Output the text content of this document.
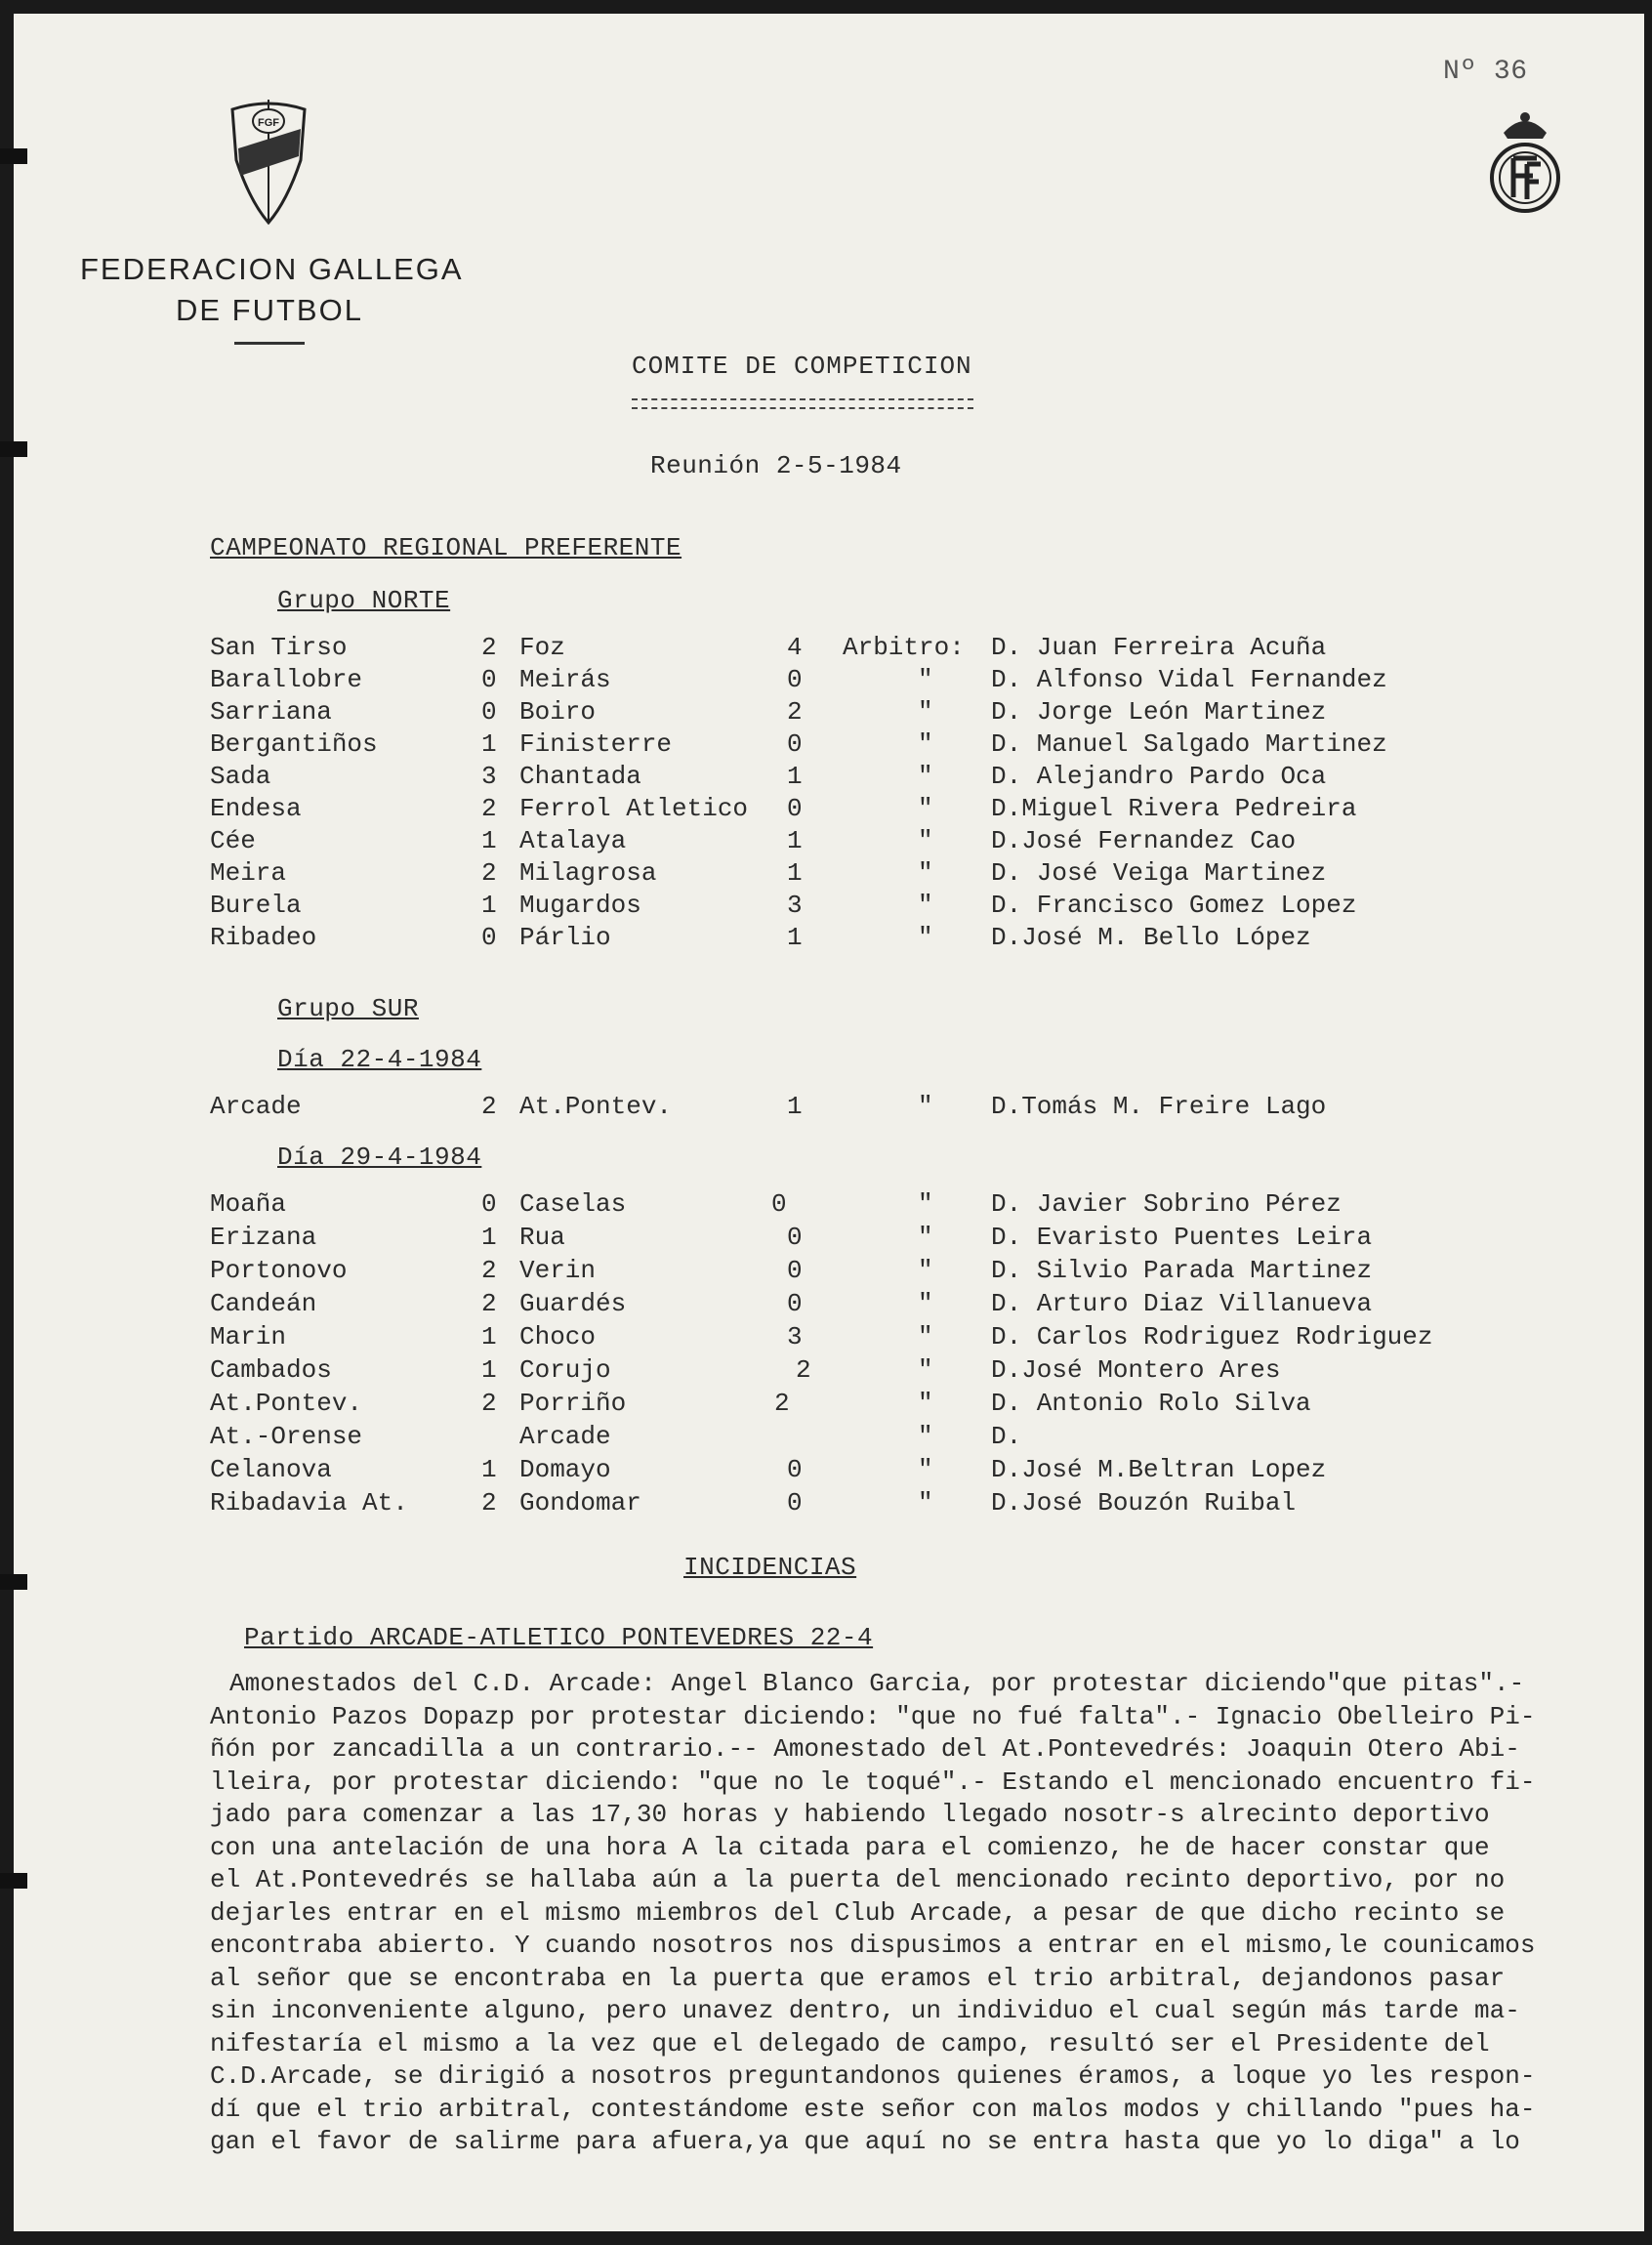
Nº 36
FGF
FEDERACION GALLEGA
DE FUTBOL
COMITE DE COMPETICION
Reunión 2-5-1984
CAMPEONATO REGIONAL PREFERENTE
Grupo NORTE
San Tirso	2 Foz	4 Arbitro: D. Juan Ferreira Acuña
Barallobre	0 Meirás	0	" D. Alfonso Vidal Fernandez
Sarriana	0 Boiro	2	" D. Jorge León Martinez
Bergantiños	1 Finisterre	0	" D. Manuel Salgado Martinez
Sada	3 Chantada	1	" D. Alejandro Pardo Oca
Endesa	2 Ferrol Atletico 0	" D.Miguel Rivera Pedreira
Cée	1 Atalaya	1	" D.José Fernandez Cao
Meira	2 Milagrosa	1	" D. José Veiga Martinez
Burela	1 Mugardos	3	" D. Francisco Gomez Lopez
Ribadeo	0 Párlio	1	" D.José M. Bello López
Grupo SUR
Día 22-4-1984
Arcade	2 At.Pontev.	1	" D.Tomás M. Freire Lago
Día 29-4-1984
Moaña	0 Caselas	0	" D. Javier Sobrino Pérez
Erizana	1 Rua	0	" D. Evaristo Puentes Leira
Portonovo	2 Verin	0	" D. Silvio Parada Martinez
Candeán	2 Guardés	0	" D. Arturo Diaz Villanueva
Marin	1 Choco	3	" D. Carlos Rodriguez Rodriguez
Cambados	1 Corujo	2	" D.José Montero Ares
At.Pontev.	2 Porriño	2	" D. Antonio Rolo Silva
At.-Orense	Arcade	" D.
Celanova	1 Domayo	0	" D.José M.Beltran Lopez
Ribadavia At.	2 Gondomar	0	" D.José Bouzón Ruibal
INCIDENCIAS
Partido ARCADE-ATLETICO PONTEVEDRES 22-4
Amonestados del C.D. Arcade: Angel Blanco Garcia, por protestar diciendo"que pitas".-
Antonio Pazos Dopazp por protestar diciendo: "que no fué falta".- Ignacio Obelleiro Pi-
ñón por zancadilla a un contrario.-- Amonestado del At.Pontevedrés: Joaquin Otero Abi-
lleira, por protestar diciendo: "que no le toqué".- Estando el mencionado encuentro fi-
jado para comenzar a las 17,30 horas y habiendo llegado nosotr-s alrecinto deportivo
con una antelación de una hora A la citada para el comienzo, he de hacer constar que
el At.Pontevedrés se hallaba aún a la puerta del mencionado recinto deportivo, por no
dejarles entrar en el mismo miembros del Club Arcade, a pesar de que dicho recinto se
encontraba abierto. Y cuando nosotros nos dispusimos a entrar en el mismo,le counicamos
al señor que se encontraba en la puerta que eramos el trio arbitral, dejandonos pasar
sin inconveniente alguno, pero unavez dentro, un individuo el cual según más tarde ma-
nifestaría el mismo a la vez que el delegado de campo, resultó ser el Presidente del
C.D.Arcade, se dirigió a nosotros preguntandonos quienes éramos, a loque yo les respon-
dí que el trio arbitral, contestándome este señor con malos modos y chillando "pues ha-
gan el favor de salirme para afuera,ya que aquí no se entra hasta que yo lo diga" a lo
